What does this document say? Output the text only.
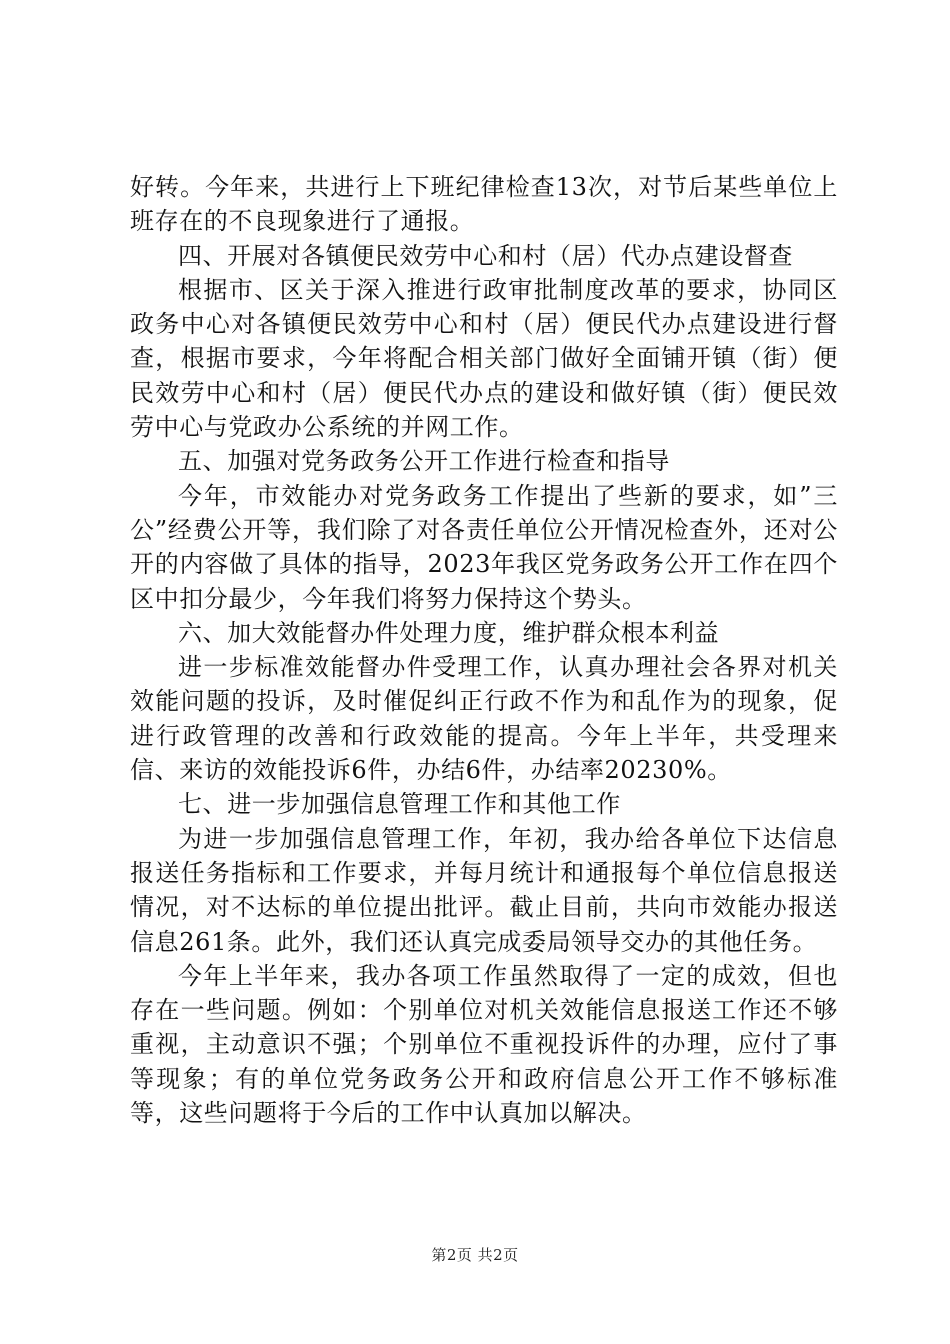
好转。今年来，共进行上下班纪律检查13次，对节后某些单位上班存在的不良现象进行了通报。

四、开展对各镇便民效劳中心和村（居）代办点建设督查

根据市、区关于深入推进行政审批制度改革的要求，协同区政务中心对各镇便民效劳中心和村（居）便民代办点建设进行督查，根据市要求，今年将配合相关部门做好全面铺开镇（街）便民效劳中心和村（居）便民代办点的建设和做好镇（街）便民效劳中心与党政办公系统的并网工作。

五、加强对党务政务公开工作进行检查和指导

今年，市效能办对党务政务工作提出了些新的要求，如”三公”经费公开等，我们除了对各责任单位公开情况检查外，还对公开的内容做了具体的指导，2023年我区党务政务公开工作在四个区中扣分最少，今年我们将努力保持这个势头。

六、加大效能督办件处理力度，维护群众根本利益

进一步标准效能督办件受理工作，认真办理社会各界对机关效能问题的投诉，及时催促纠正行政不作为和乱作为的现象，促进行政管理的改善和行政效能的提高。今年上半年，共受理来信、来访的效能投诉6件，办结6件，办结率20230%。

七、进一步加强信息管理工作和其他工作

为进一步加强信息管理工作，年初，我办给各单位下达信息报送任务指标和工作要求，并每月统计和通报每个单位信息报送情况，对不达标的单位提出批评。截止目前，共向市效能办报送信息261条。此外，我们还认真完成委局领导交办的其他任务。

今年上半年来，我办各项工作虽然取得了一定的成效，但也存在一些问题。例如：个别单位对机关效能信息报送工作还不够重视，主动意识不强；个别单位不重视投诉件的办理，应付了事等现象；有的单位党务政务公开和政府信息公开工作不够标准等，这些问题将于今后的工作中认真加以解决。

第2页 共2页
